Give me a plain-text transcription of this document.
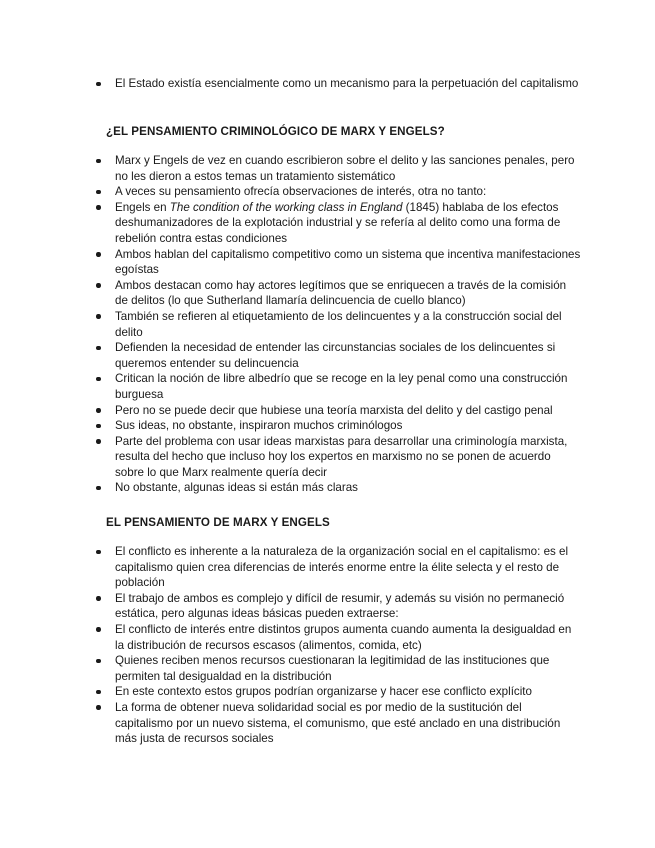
El Estado existía esencialmente como un mecanismo para la perpetuación del capitalismo
¿EL PENSAMIENTO CRIMINOLÓGICO DE MARX Y ENGELS?
Marx y Engels de vez en cuando escribieron sobre el delito y las sanciones penales, pero no les dieron a estos temas un tratamiento sistemático
A veces su pensamiento ofrecía observaciones de interés, otra no tanto:
Engels en The condition of the working class in England (1845) hablaba de los efectos deshumanizadores de la explotación industrial y se refería al delito como una forma de rebelión contra estas condiciones
Ambos hablan del capitalismo competitivo como un sistema que incentiva manifestaciones egoístas
Ambos destacan como hay actores legítimos que se enriquecen a través de la comisión de delitos (lo que Sutherland llamaría delincuencia de cuello blanco)
También se refieren al etiquetamiento de los delincuentes y a la construcción social del delito
Defienden la necesidad de entender las circunstancias sociales de los delincuentes si queremos entender su delincuencia
Critican la noción de libre albedrío que se recoge en la ley penal como una construcción burguesa
Pero no se puede decir que hubiese una teoría marxista del delito y del castigo penal
Sus ideas, no obstante, inspiraron muchos criminólogos
Parte del problema con usar ideas marxistas para desarrollar una criminología marxista, resulta del hecho que incluso hoy los expertos en marxismo no se ponen de acuerdo sobre lo que Marx realmente quería decir
No obstante, algunas ideas si están más claras
EL PENSAMIENTO DE MARX Y ENGELS
El conflicto es inherente a la naturaleza de la organización social en el capitalismo: es el capitalismo quien crea diferencias de interés enorme entre la élite selecta y el resto de población
El trabajo de ambos es complejo y difícil de resumir, y además su visión no permaneció estática, pero algunas ideas básicas pueden extraerse:
El conflicto de interés entre distintos grupos aumenta cuando aumenta la desigualdad en la distribución de recursos escasos (alimentos, comida, etc)
Quienes reciben menos recursos cuestionaran la legitimidad de las instituciones que permiten tal desigualdad en la distribución
En este contexto estos grupos podrían organizarse y hacer ese conflicto explícito
La forma de obtener nueva solidaridad social es por medio de la sustitución del capitalismo por un nuevo sistema, el comunismo, que esté anclado en una distribución más justa de recursos sociales
